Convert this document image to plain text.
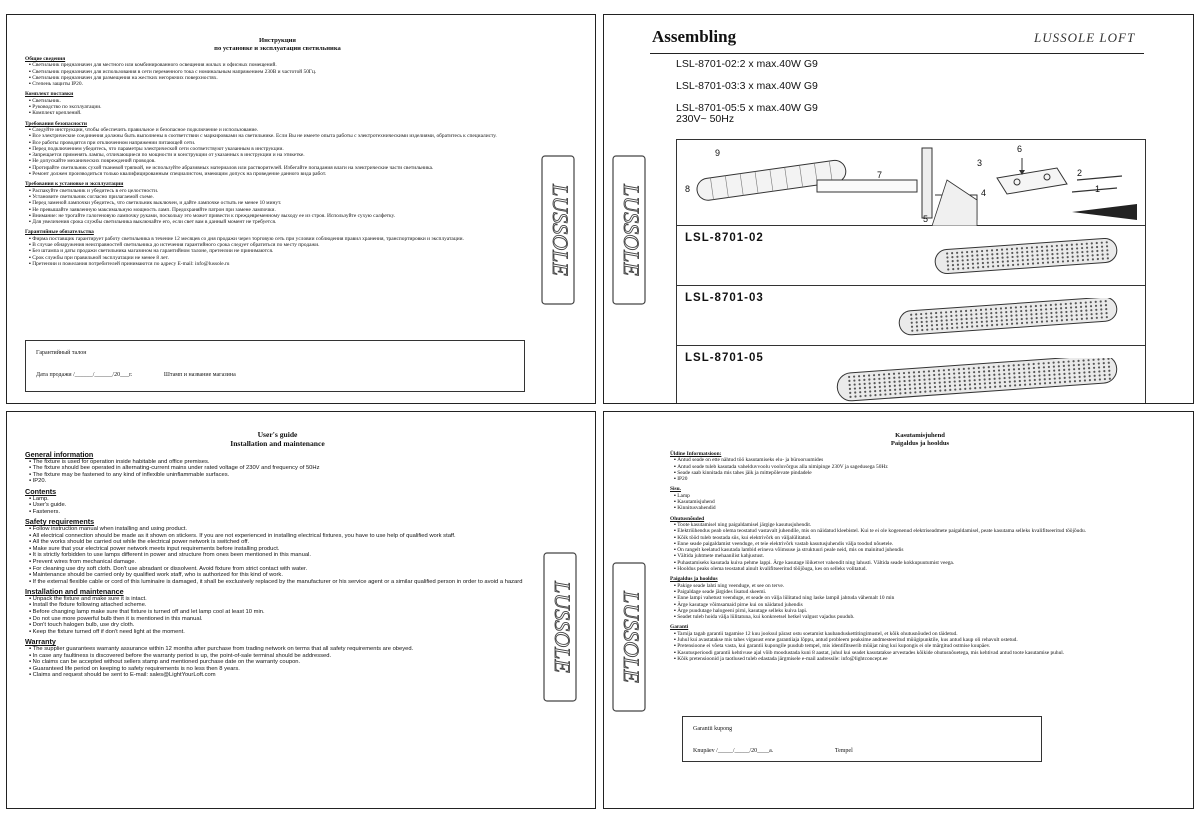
Инструкция
по установке и эксплуатации светильника
Общие сведения
▪ Светильник предназначен для местного или комбинированного освещения жилых и офисных помещений.
▪ Светильник предназначен для использования в сети переменного тока с номинальным напряжением 230В и частотой 50Гц.
▪ Светильник предназначен для размещения на жестких негорючих поверхностях.
▪ Степень защиты IP20.
Комплект поставки
▪ Светильник.
▪ Руководство по эксплуатации.
▪ Комплект креплений.
Требования безопасности
▪ Следуйте инструкции, чтобы обеспечить правильное и безопасное подключение и использование.
▪ Все электрические соединения должны быть выполнены в соответствии с маркировками на светильнике. Если Вы не имеете опыта работы с электротехническими изделиями, обратитесь к специалисту.
▪ Все работы проводятся при отключенном напряжении питающей сети.
▪ Перед подключением убедитесь, что параметры электрической сети соответствуют указанным в инструкции.
▪ Запрещается применять лампы, отличающиеся по мощности и конструкции от указанных в инструкции и на этикетке.
▪ Не допускайте механических повреждений проводов.
▪ Протирайте светильник сухой тканевой тряпкой, не используйте абразивных материалов или растворителей. Избегайте попадания влаги на электрические части светильника.
▪ Ремонт должен производиться только квалифицированным специалистом, имеющим допуск на проведение данного вида работ.
Требования к установке и эксплуатации
▪ Распакуйте светильник и убедитесь в его целостности.
▪ Установите светильник согласно прилагаемой схеме.
▪ Перед заменой лампочки убедитесь, что светильник выключен, и дайте лампочке остыть не менее 10 минут.
▪ Не превышайте заявленную максимальную мощность ламп. Предохраняйте патрон при замене лампочки.
▪ Внимание: не трогайте галогеновую лампочку руками, поскольку это может привести к преждевременному выходу ее из строя. Используйте сухую салфетку.
▪ Для увеличения срока службы светильника выключайте его, если свет вам в данный момент не требуется.
Гарантийные обязательства
▪ Фирма поставщик гарантирует работу светильника в течение 12 месяцев со дня продажи через торговую сеть при условии соблюдения правил хранения, транспортировки и эксплуатации.
▪ В случае обнаружения неисправностей светильника до истечения гарантийного срока следует обратиться по месту продажи.
▪ Без штампа и даты продажи светильника магазином на гарантийном талоне, претензии не принимаются.
▪ Срок службы при правильной эксплуатации не менее 8 лет.
▪ Претензии и пожелания потребителей принимаются по адресу E-mail: info@lussole.ru
Гарантийный талон
Дата продажи /______/______/20___г.	Штамп и название магазина
LUSSOLE LUSSOLE
Assembling	LUSSOLE LOFT
LSL-8701-02:2 x max.40W G9
LSL-8701-03:3 x max.40W G9
LSL-8701-05:5 x max.40W G9
230V~ 50Hz
9
8
7
6
5
4
3
2
1
LSL-8701-02
LSL-8701-03
LSL-8701-05
User's guide
Installation and maintenance
General information
▪ The fixture is used for operation inside habitable and office premises.
▪ The fixture should bee operated in alternating-current mains under rated voltage of 230V and frequency of 50Hz
▪ The fixture may be fastened to any kind of inflexible uninflammable surfaces.
▪ IP20.
Contents
▪ Lamp.
▪ User's guide.
▪ Fasteners.
Safety requirements
▪ Follow instruction manual when installing and using product.
▪ All electrical connection should be made as it shown on stickers. If you are not experienced in installing electrical fixtures, you have to use help of qualified work staff.
▪ All the works should be carried out while the electrical power network is switched off.
▪ Make sure that your electrical power network meets input requirements before installing product.
▪ It is strictly forbidden to use lamps different in power and structure from ones been mentioned in this manual.
▪ Prevent wires from mechanical damage.
▪ For cleaning use dry soft cloth. Don't use abradant or dissolvent. Avoid fixture from strict contact with water.
▪ Maintenance should be carried only by qualified work staff, who is authorized for this kind of work.
▪ If the external flexible cable or cord of this luminaire is damaged, it shall be exclusively replaced by the manufacturer or his service agent or a similar qualified person in order to avoid a hazard
Installation and maintenance
▪ Unpack the fixture and make sure it is intact.
▪ Install the fixture following attached scheme.
▪ Before changing lamp make sure that fixture is turned off and let lamp cool at least 10 min.
▪ Do not use more powerful bulb then it is mentioned in this manual.
▪ Don't touch halogen bulb, use dry cloth.
▪ Keep the fixture turned off if don't need light at the moment.
Warranty
▪ The supplier guarantees warranty assurance within 12 months after purchase from trading network on terms that all safety requirements are obeyed.
▪ In case any faultiness is discovered before the warranty period is up, the point-of-sale terminal should be addressed.
▪ No claims can be accepted without sellers stamp and mentioned purchase date on the warranty coupon.
▪ Guaranteed life period on keeping to safety requirements is no less then 8 years.
▪ Claims and request should be sent to E-mail: sales@LightYourLoft.com
LUSSOLE LUSSOLE
Kasutamisjuhend
Paigaldus ja hooldus
Üldine Informatsioon:
▪ Antud seade on ette nähtud töö kasutamiseks elu- ja bürooruumides
▪ Antud seade tuleb kasutada vahelduvvoolu vooluvõrgus alla nimipinge 230V ja sagedusega 50Hz
▪ Seade saab kinnitada mis tahes jäik ja mittepõlevate pindadele
▪ IP20
Sisu.
▪ Lamp
▪ Kasutamisjuhend
▪ Kinnitusvahendid
Ohutusnõuded
▪ Toote kasutamisel ning paigaldamisel järgige kasutusjuhendit.
▪ Elektriühendus peab olema teostatud vastavalt juhendile, mis on näidatud kleebistel. Kui te ei ole kogenenud elektriseadmete paigaldamisel, peate kasutama selleks kvalifitseeritud tööjõudu.
▪ Kõik tööd tuleb teostada siis, kui elektrivõrk on väljalülitatud.
▪ Enne seade paigaldamist veenduge, et teie elektrivõrk vastab kasutusjuhendis välja toodud nõuetele.
▪ On rangelt keelatud kasutada lambid erineva võimsuse ja struktuuri peale neid, mis on mainitud juhendis
▪ Vältida juhtmete mehaanilist kahjustust.
▪ Puhastamiseks kasutada kuiva pehme lappi. Ärge kasutage lõiketvet vahendit ning lahusti. Vältida seade kokkupuutumist veega.
▪ Hooldus peaks olema teostatud ainult kvalifitseeritud tööjõuga, kes on selleks volitatud.
Paigaldus ja hooldus
▪ Pakige seade lahti ning veenduge, et see on terve.
▪ Paigaldage seade järgides lisatud skeemi.
▪ Enne lampi vahetust veenduge, et seade on välja lülitatud ning laske lampil jahtuda vähemalt 10 min
▪ Ärge kasutage võimsamaid pirne kui on näidatud juhendis
▪ Ärge puudutage halogeeni pirni, kasutage selleks kuiva lapi.
▪ Seadet tuleb hoida välja lülitatuna, kui konkreetsel hetkel valgust vajadus puudub.
Garanti
▪ Tarnija tagab garantii tagamise 12 kuu jooksul pärast ostu soetamist kaubanduskettitingimustel, et kõik ohutusnõuded on täidetud.
▪ Juhul kui avastatakse mis tahes vigasust enne garantiiaja lõppu, antud probleem peaksime andmesteeritud müügipunktile, kus antud kaup oli rehavult ostetud.
▪ Pretensioone ei võeta vasta, kui garantii kupongile puudub tempel, mis identifitseerib müüjat ning kui kupongis ei ole märgitud ostmise kuupäev.
▪ Kasutusperioodi garantii kehtivuse ajal võib moodustada kuni 8 aastat, juhul kui seadet kasutatakse arvestades kõikide ohutusnõuetega, mis kehtivad antud toote kasutamise puhul.
▪ Kõik pretensioonid ja taotlused tuleb edastada järgmisele e-mail aadressile: info@lightconcept.ee
Garantii kupong
Knupäev /_____/_____/20____a.	Tempel
